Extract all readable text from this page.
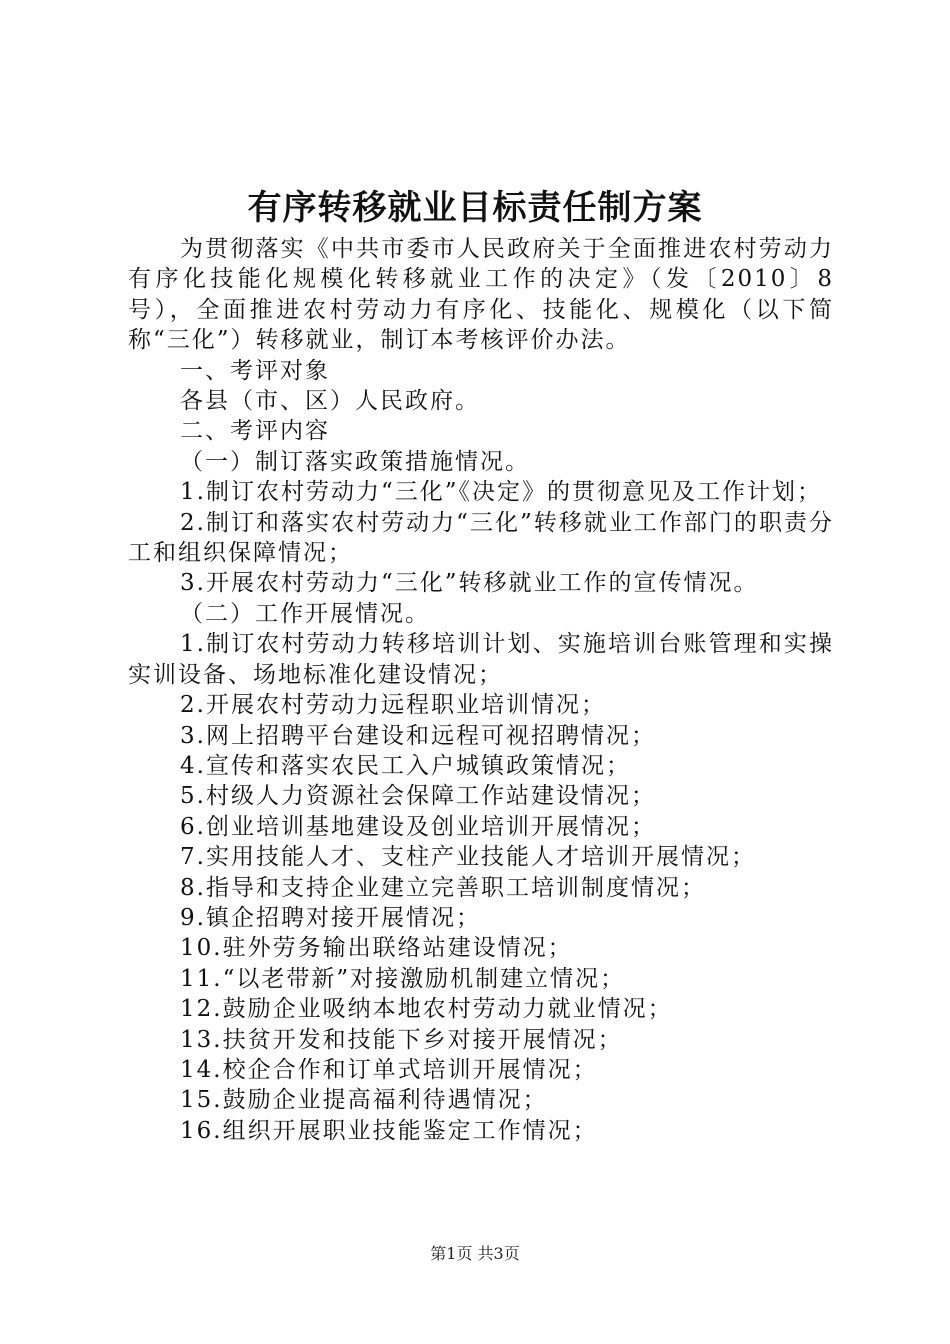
有序转移就业目标责任制方案

为贯彻落实《中共市委市人民政府关于全面推进农村劳动力有序化技能化规模化转移就业工作的决定》（发〔2010〕8号），全面推进农村劳动力有序化、技能化、规模化（以下简称“三化”）转移就业，制订本考核评价办法。

一、考评对象

各县（市、区）人民政府。

二、考评内容

（一）制订落实政策措施情况。

1.制订农村劳动力“三化”《决定》的贯彻意见及工作计划；

2.制订和落实农村劳动力“三化”转移就业工作部门的职责分工和组织保障情况；

3.开展农村劳动力“三化”转移就业工作的宣传情况。

（二）工作开展情况。

1.制订农村劳动力转移培训计划、实施培训台账管理和实操实训设备、场地标准化建设情况；

2.开展农村劳动力远程职业培训情况；

3.网上招聘平台建设和远程可视招聘情况；

4.宣传和落实农民工入户城镇政策情况；

5.村级人力资源社会保障工作站建设情况；

6.创业培训基地建设及创业培训开展情况；

7.实用技能人才、支柱产业技能人才培训开展情况；

8.指导和支持企业建立完善职工培训制度情况；

9.镇企招聘对接开展情况；

10.驻外劳务输出联络站建设情况；

11.“以老带新”对接激励机制建立情况；

12.鼓励企业吸纳本地农村劳动力就业情况；

13.扶贫开发和技能下乡对接开展情况；

14.校企合作和订单式培训开展情况；

15.鼓励企业提高福利待遇情况；

16.组织开展职业技能鉴定工作情况；

第1页 共3页
